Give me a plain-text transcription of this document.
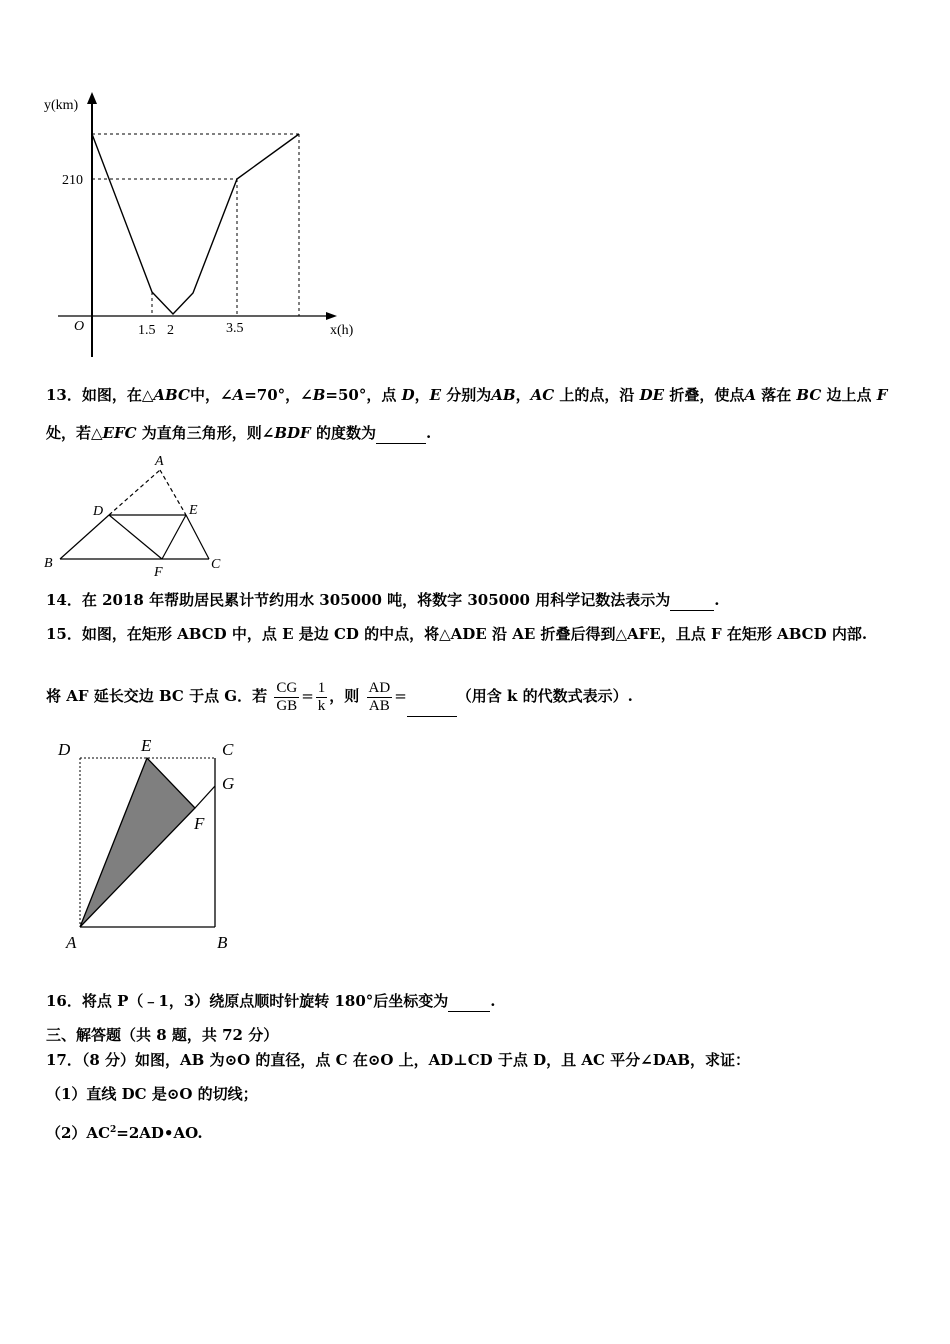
y(km)
x(h)
O
210
1.5 2	3.5
13．如图，在△ABC中，∠A=70°，∠B=50°，点 D，E 分别为AB，AC 上的点，沿 DE 折叠，使点A 落在 BC 边上点 F
处，若△EFC 为直角三角形，则∠BDF 的度数为	.
A
D	E
B
F
C
14．在 2018 年帮助居民累计节约用水 305000 吨，将数字 305000 用科学记数法表示为	.
15．如图，在矩形 ABCD 中，点 E 是边 CD 的中点，将△ADE 沿 AE 折叠后得到△AFE，且点 F 在矩形 ABCD 内部.
将 AF 延长交边 BC 于点 G．若 $\frac{CG}{GB} = \frac{1}{k}$ ，则 $\frac{AD}{AB}$ =	（用含 k 的代数式表示）.
D	E	C
G
F
A	B
16．将点 P（﹣1，3）绕原点顺时针旋转 180°后坐标变为	.
三、解答题（共 8 题，共 72 分）
17．（8 分）如图，AB 为⊙O 的直径，点 C 在⊙O 上，AD⊥CD 于点 D，且 AC 平分∠DAB，求证：
（1）直线 DC 是⊙O 的切线；
$(2)AC^2=2AD•AO$.
